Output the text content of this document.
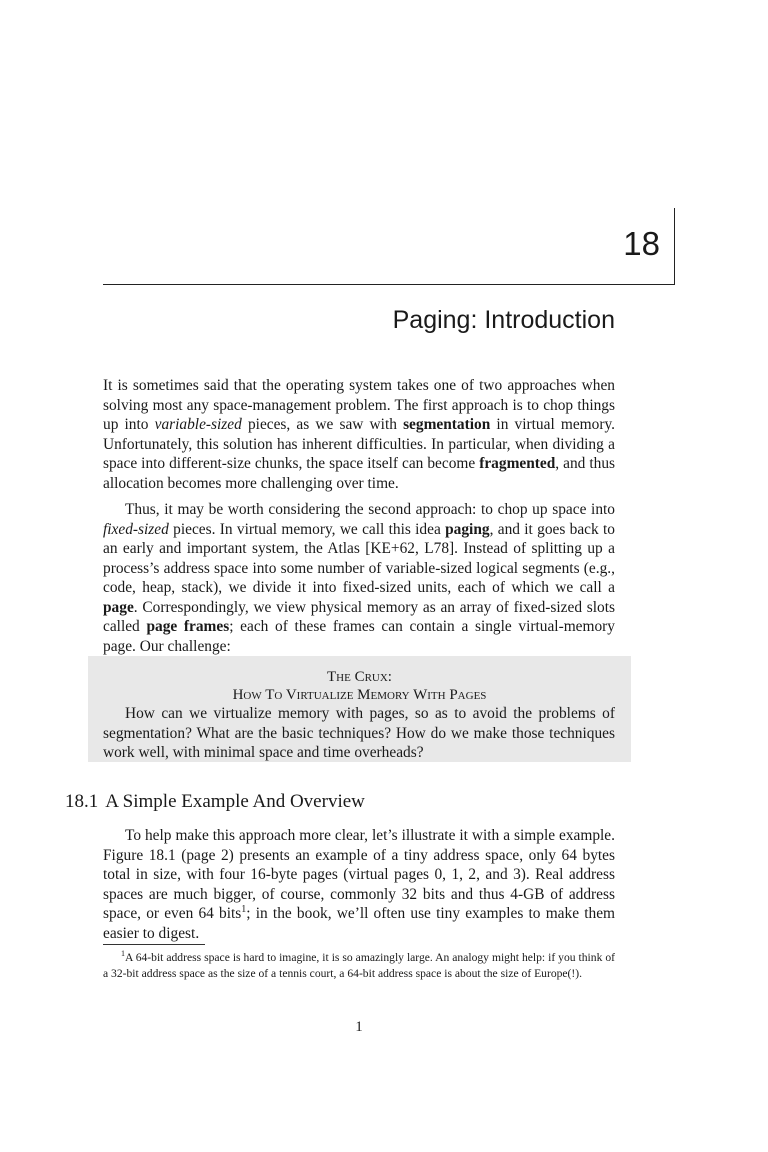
18
Paging: Introduction
It is sometimes said that the operating system takes one of two approaches when solving most any space-management problem. The first approach is to chop things up into variable-sized pieces, as we saw with segmentation in virtual memory. Unfortunately, this solution has inherent difficulties. In particular, when dividing a space into different-size chunks, the space itself can become fragmented, and thus allocation becomes more challenging over time.
Thus, it may be worth considering the second approach: to chop up space into fixed-sized pieces. In virtual memory, we call this idea paging, and it goes back to an early and important system, the Atlas [KE+62, L78]. Instead of splitting up a process’s address space into some number of variable-sized logical segments (e.g., code, heap, stack), we divide it into fixed-sized units, each of which we call a page. Correspondingly, we view physical memory as an array of fixed-sized slots called page frames; each of these frames can contain a single virtual-memory page. Our challenge:
The Crux:
How To Virtualize Memory With Pages
How can we virtualize memory with pages, so as to avoid the problems of segmentation? What are the basic techniques? How do we make those techniques work well, with minimal space and time overheads?
18.1 A Simple Example And Overview
To help make this approach more clear, let’s illustrate it with a simple example. Figure 18.1 (page 2) presents an example of a tiny address space, only 64 bytes total in size, with four 16-byte pages (virtual pages 0, 1, 2, and 3). Real address spaces are much bigger, of course, commonly 32 bits and thus 4-GB of address space, or even 64 bits$^1$; in the book, we’ll often use tiny examples to make them easier to digest.
$^1$A 64-bit address space is hard to imagine, it is so amazingly large. An analogy might help: if you think of a 32-bit address space as the size of a tennis court, a 64-bit address space is about the size of Europe(!).
1
